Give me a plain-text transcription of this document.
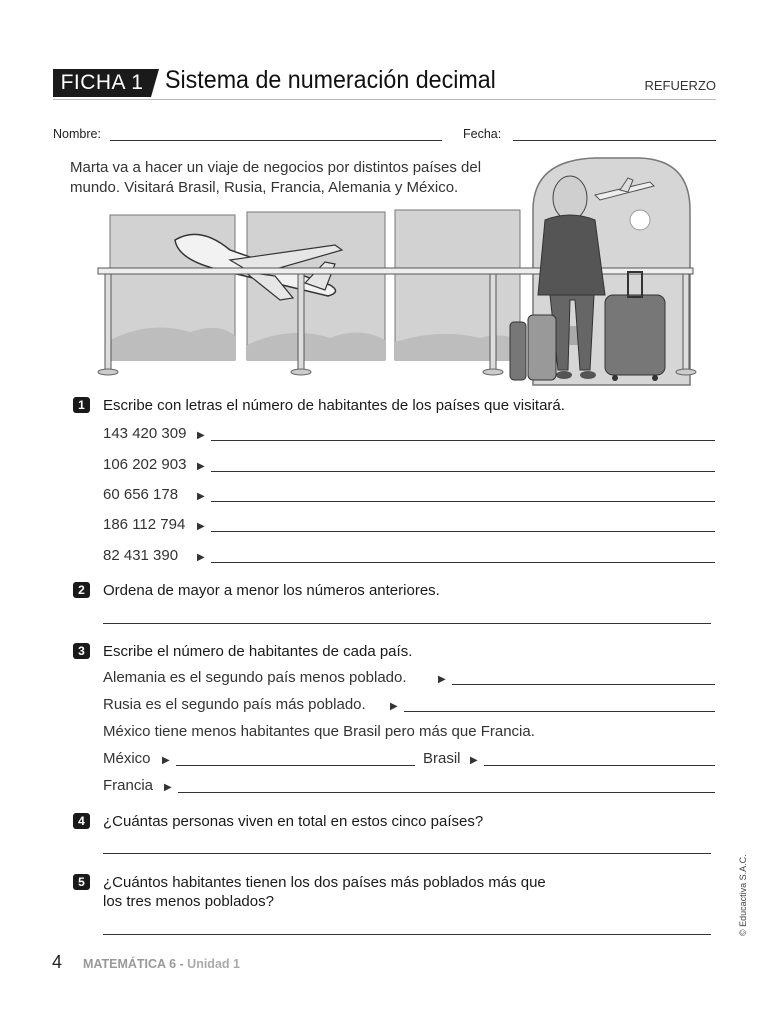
FICHA 1 Sistema de numeración decimal	REFUERZO
Nombre:	Fecha:
Marta va a hacer un viaje de negocios por distintos países del mundo. Visitará Brasil, Rusia, Francia, Alemania y México.
1	Escribe con letras el número de habitantes de los países que visitará.
143 420 309 ▶
106 202 903 ▶
60 656 178 ▶
186 112 794 ▶
82 431 390 ▶
2	Ordena de mayor a menor los números anteriores.
3	Escribe el número de habitantes de cada país.
Alemania es el segundo país menos poblado.	▶
Rusia es el segundo país más poblado. ▶
México tiene menos habitantes que Brasil pero más que Francia.
México ▶	Brasil ▶
Francia ▶
4	¿Cuántas personas viven en total en estos cinco países?
5	¿Cuántos habitantes tienen los dos países más poblados más que
los tres menos poblados?
4 MATEMÁTICA 6 - Unidad 1
© Educactiva S.A.C.
